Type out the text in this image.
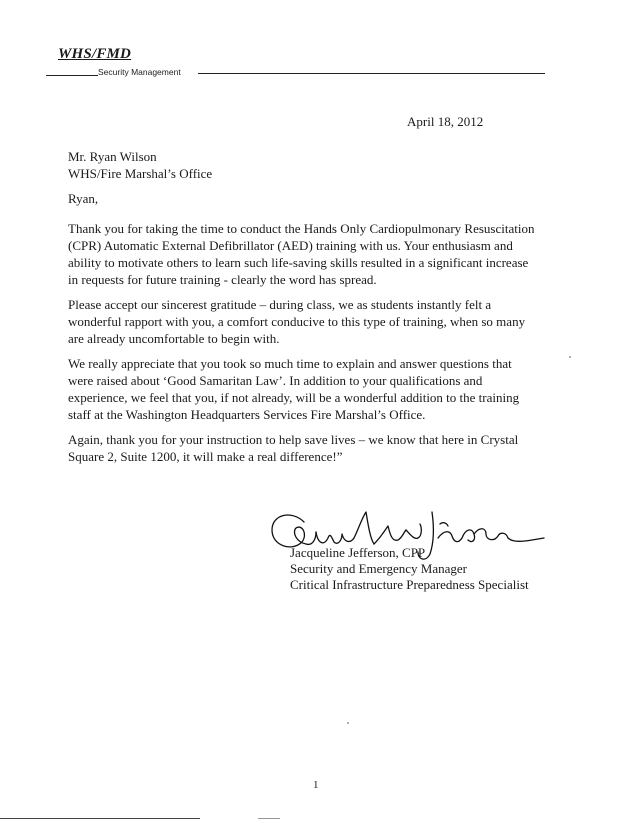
WHS/FMD
Security Management
April 18, 2012
Mr. Ryan Wilson
WHS/Fire Marshal’s Office
Ryan,
Thank you for taking the time to conduct the Hands Only Cardiopulmonary Resuscitation
(CPR) Automatic External Defibrillator (AED) training with us. Your enthusiasm and
ability to motivate others to learn such life-saving skills resulted in a significant increase
in requests for future training - clearly the word has spread.
Please accept our sincerest gratitude – during class, we as students instantly felt a
wonderful rapport with you, a comfort conducive to this type of training, when so many
are already uncomfortable to begin with.
We really appreciate that you took so much time to explain and answer questions that
were raised about ‘Good Samaritan Law’. In addition to your qualifications and
experience, we feel that you, if not already, will be a wonderful addition to the training
staff at the Washington Headquarters Services Fire Marshal’s Office.
Again, thank you for your instruction to help save lives – we know that here in Crystal
Square 2, Suite 1200, it will make a real difference!”
Jacqueline Jefferson, CPP
Security and Emergency Manager
Critical Infrastructure Preparedness Specialist
1
